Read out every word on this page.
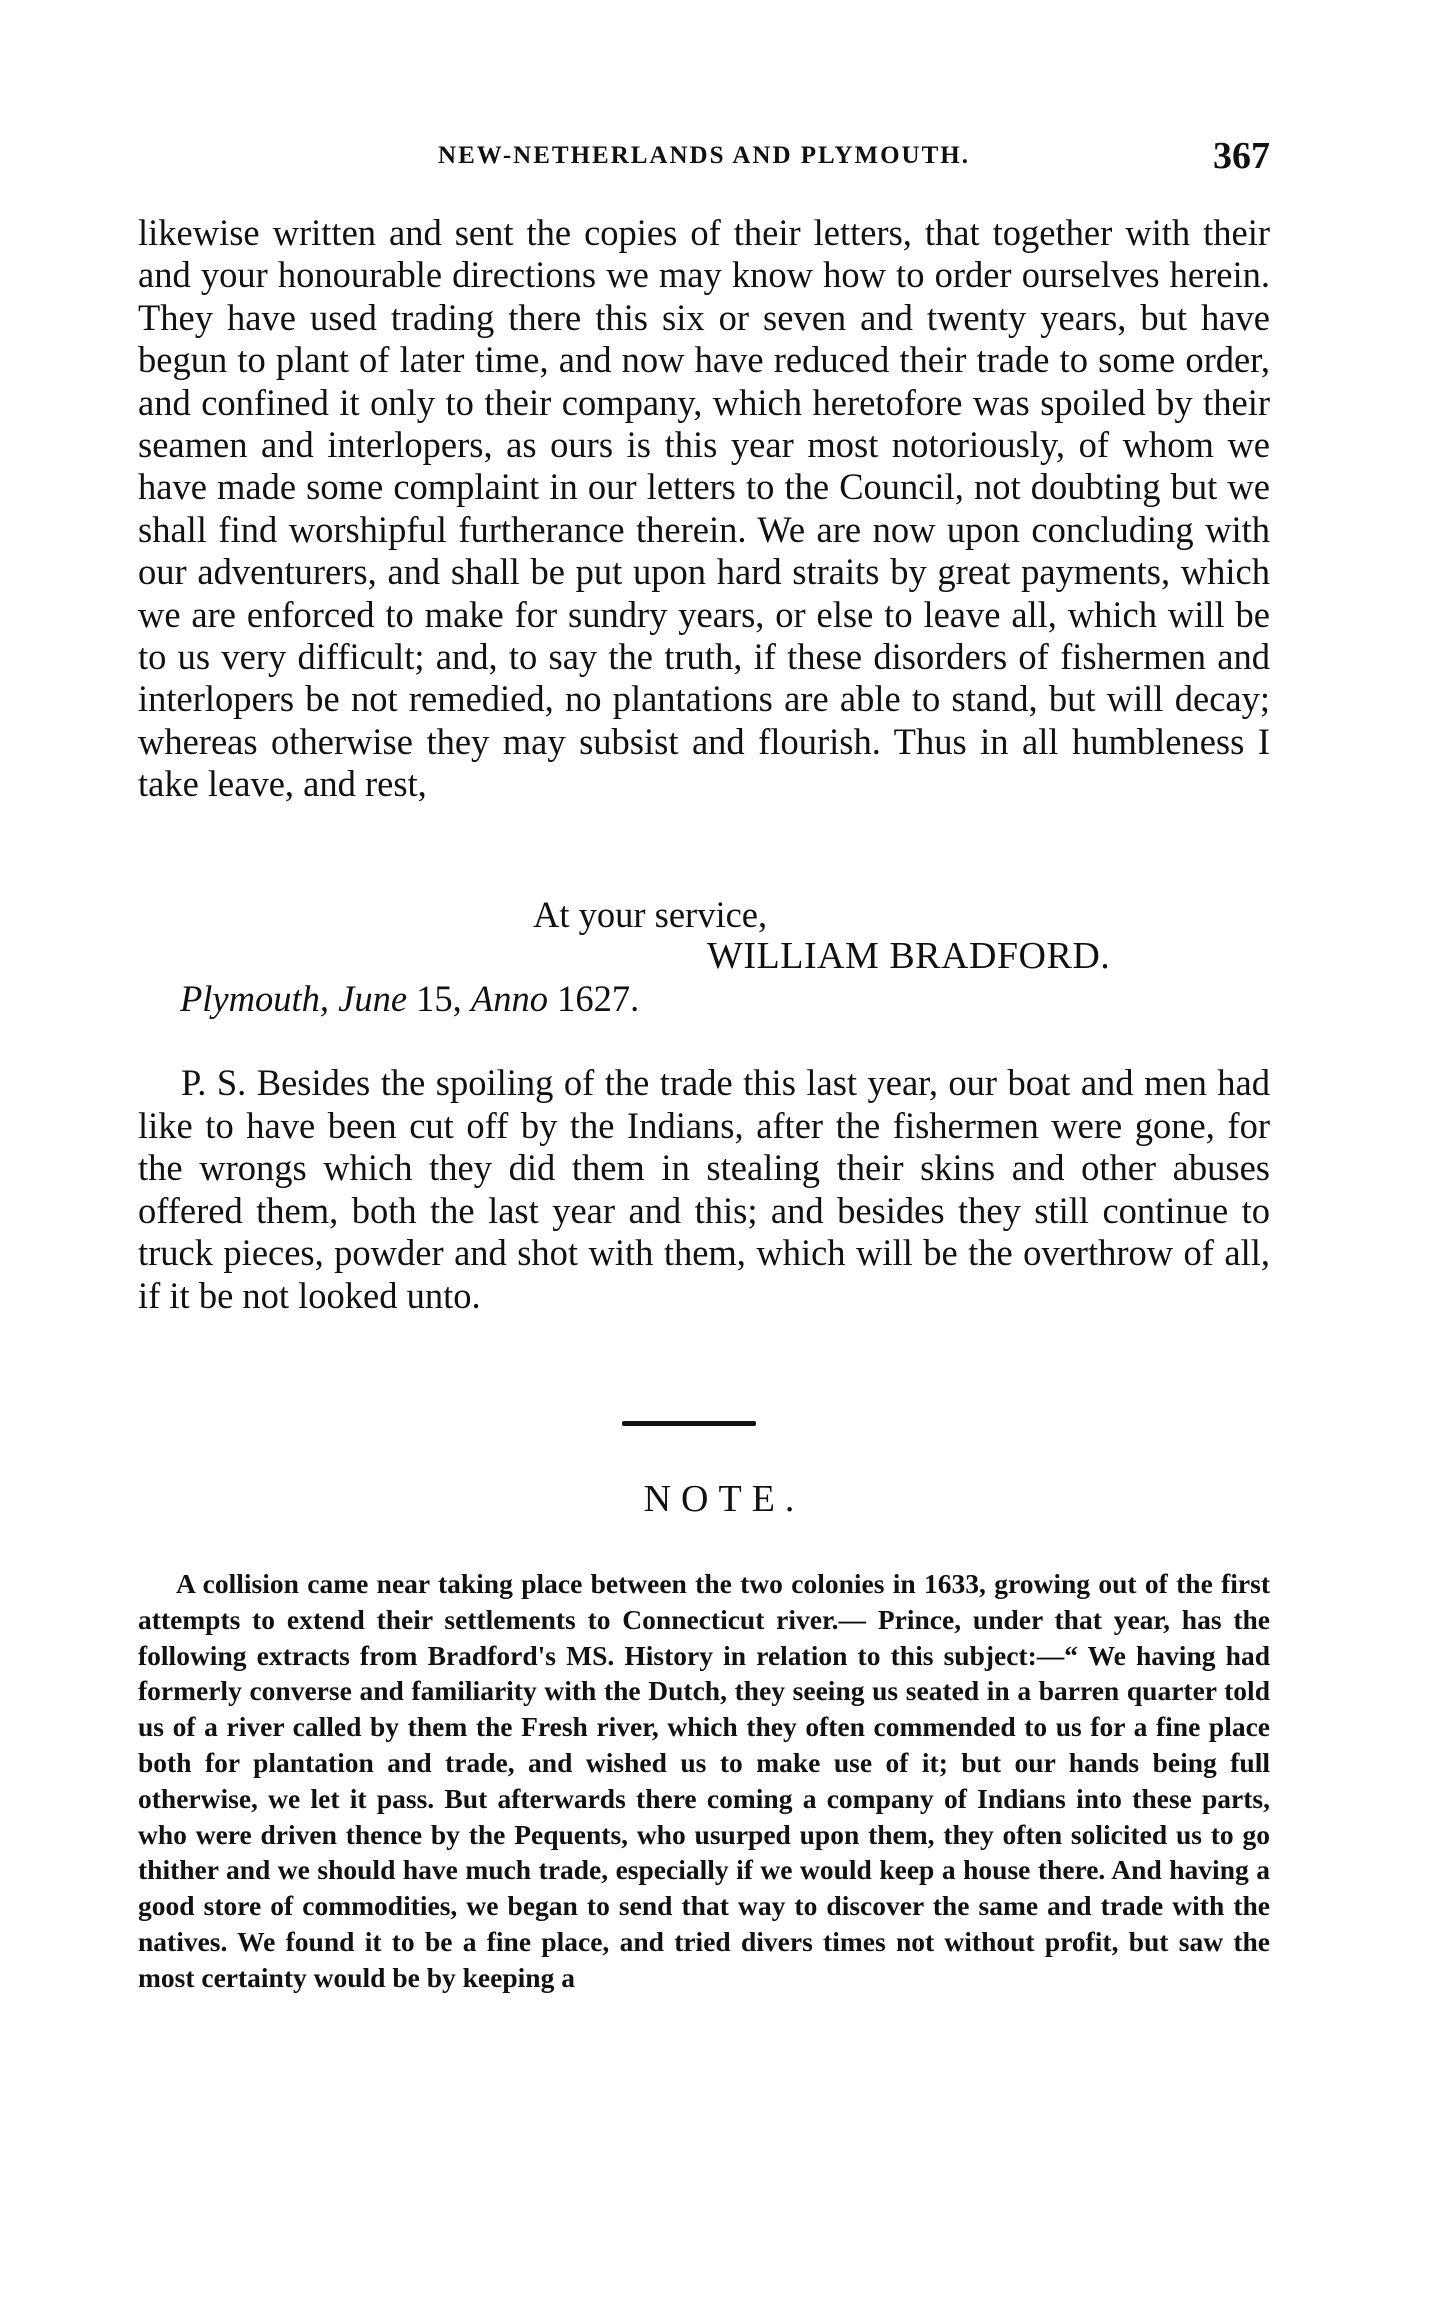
NEW-NETHERLANDS AND PLYMOUTH.	367

likewise written and sent the copies of their letters, that together with their and your honourable directions we may know how to order ourselves herein. They have used trading there this six or seven and twenty years, but have begun to plant of later time, and now have reduced their trade to some order, and confined it only to their company, which heretofore was spoiled by their seamen and interlopers, as ours is this year most notoriously, of whom we have made some complaint in our letters to the Council, not doubting but we shall find worshipful furtherance therein. We are now upon concluding with our adventurers, and shall be put upon hard straits by great payments, which we are enforced to make for sundry years, or else to leave all, which will be to us very difficult; and, to say the truth, if these disorders of fishermen and interlopers be not remedied, no plantations are able to stand, but will decay; whereas otherwise they may subsist and flourish. Thus in all humbleness I take leave, and rest,

At your service,
WILLIAM BRADFORD.
Plymouth, June 15, Anno 1627.

P. S. Besides the spoiling of the trade this last year, our boat and men had like to have been cut off by the Indians, after the fishermen were gone, for the wrongs which they did them in stealing their skins and other abuses offered them, both the last year and this; and besides they still continue to truck pieces, powder and shot with them, which will be the overthrow of all, if it be not looked unto.

NOTE.

A collision came near taking place between the two colonies in 1633, growing out of the first attempts to extend their settlements to Connecticut river.— Prince, under that year, has the following extracts from Bradford's MS. History in relation to this subject:—“ We having had formerly converse and familiarity with the Dutch, they seeing us seated in a barren quarter told us of a river called by them the Fresh river, which they often commended to us for a fine place both for plantation and trade, and wished us to make use of it; but our hands being full otherwise, we let it pass. But afterwards there coming a company of Indians into these parts, who were driven thence by the Pequents, who usurped upon them, they often solicited us to go thither and we should have much trade, especially if we would keep a house there. And having a good store of commodities, we began to send that way to discover the same and trade with the natives. We found it to be a fine place, and tried divers times not without profit, but saw the most certainty would be by keeping a
